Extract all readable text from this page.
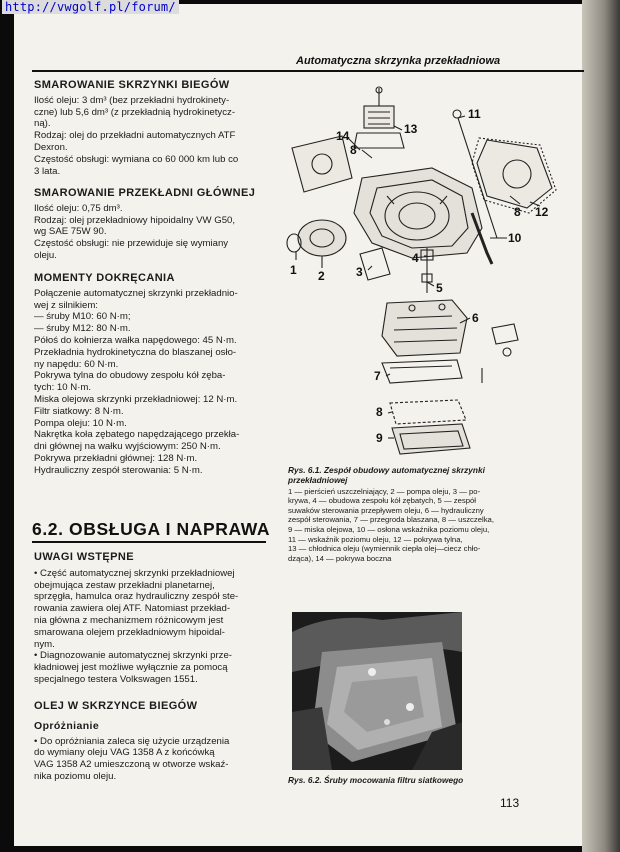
http://vwgolf.pl/forum/
Automatyczna skrzynka przekładniowa
SMAROWANIE SKRZYNKI BIEGÓW
Ilość oleju: 3 dm³ (bez przekładni hydrokinety-
czne) lub 5,6 dm³ (z przekładnią hydrokinetycz-
ną).
Rodzaj: olej do przekładni automatycznych ATF
Dexron.
Częstość obsługi: wymiana co 60 000 km lub co
3 lata.
SMAROWANIE PRZEKŁADNI GŁÓWNEJ
Ilość oleju: 0,75 dm³.
Rodzaj: olej przekładniowy hipoidalny VW G50,
wg SAE 75W 90.
Częstość obsługi: nie przewiduje się wymiany
oleju.
MOMENTY DOKRĘCANIA
Połączenie automatycznej skrzynki przekładnio-
wej z silnikiem:
— śruby M10: 60 N·m;
— śruby M12: 80 N·m.
Półoś do kołnierza wałka napędowego: 45 N·m.
Przekładnia hydrokinetyczna do blaszanej osło-
ny napędu: 60 N·m.
Pokrywa tylna do obudowy zespołu kół zęba-
tych: 10 N·m.
Miska olejowa skrzynki przekładniowej: 12 N·m.
Filtr siatkowy: 8 N·m.
Pompa oleju: 10 N·m.
Nakrętka koła zębatego napędzającego przekła-
dni głównej na wałku wyjściowym: 250 N·m.
Pokrywa przekładni głównej: 128 N·m.
Hydrauliczny zespół sterowania: 5 N·m.
6.2. OBSŁUGA I NAPRAWA
UWAGI WSTĘPNE
• Część automatycznej skrzynki przekładniowej
obejmująca zestaw przekładni planetarnej,
sprzęgła, hamulca oraz hydrauliczny zespół ste-
rowania zawiera olej ATF. Natomiast przekład-
nia główna z mechanizmem różnicowym jest
smarowana olejem przekładniowym hipoidal-
nym.
• Diagnozowanie automatycznej skrzynki prze-
kładniowej jest możliwe wyłącznie za pomocą
specjalnego testera Volkswagen 1551.
OLEJ W SKRZYNCE BIEGÓW
Opróżnianie
• Do opróżniania zaleca się użycie urządzenia
do wymiany oleju VAG 1358 A z końcówką
VAG 1358 A2 umieszczoną w otworze wskaź-
nika poziomu oleju.
14
8
13
11
12
8
10
1 2	3
4
5
6
7
8
9
Rys. 6.1. Zespół obudowy automatycznej skrzynki przekładniowej
1 — pierścień uszczelniający, 2 — pompa oleju, 3 — po-
krywa, 4 — obudowa zespołu kół zębatych, 5 — zespół
suwaków sterowania przepływem oleju, 6 — hydrauliczny
zespół sterowania, 7 — przegroda blaszana, 8 — uszczelka,
9 — miska olejowa, 10 — osłona wskaźnika poziomu oleju,
11 — wskaźnik poziomu oleju, 12 — pokrywa tylna,
13 — chłodnica oleju (wymiennik ciepła olej—ciecz chło-
dząca), 14 — pokrywa boczna
Rys. 6.2. Śruby mocowania filtru siatkowego
113
